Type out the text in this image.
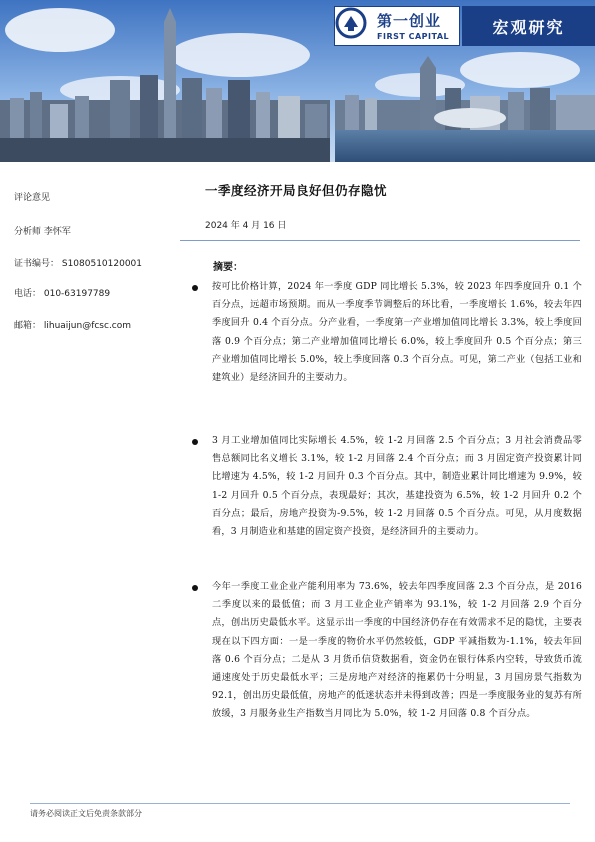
第一创业
FIRST CAPITAL	宏观研究
评论意见
分析师 李怀军
证书编号： S1080510120001
电话： 010-63197789
邮箱： lihuaijun@fcsc.com
一季度经济开局良好但仍存隐忧
2024 年 4 月 16 日
摘要：

按可比价格计算，2024 年一季度 GDP 同比增长 5.3%，较 2023 年四季度回升 0.1 个百分点，远超市场预期。而从一季度季节调整后的环比看，一季度增长 1.6%，较去年四季度回升 0.4 个百分点。分产业看，一季度第一产业增加值同比增长 3.3%，较上季度回落 0.9 个百分点；第二产业增加值同比增长 6.0%，较上季度回升 0.5 个百分点；第三产业增加值同比增长 5.0%，较上季度回落 0.3 个百分点。可见，第二产业（包括工业和建筑业）是经济回升的主要动力。

3 月工业增加值同比实际增长 4.5%，较 1-2 月回落 2.5 个百分点；3 月社会消费品零售总额同比名义增长 3.1%，较 1-2 月回落 2.4 个百分点；而 3 月固定资产投资累计同比增速为 4.5%，较 1-2 月回升 0.3 个百分点。其中，制造业累计同比增速为 9.9%，较 1-2 月回升 0.5 个百分点，表现最好；其次，基建投资为 6.5%，较 1-2 月回升 0.2 个百分点；最后，房地产投资为-9.5%，较 1-2 月回落 0.5 个百分点。可见，从月度数据看，3 月制造业和基建的固定资产投资，是经济回升的主要动力。

今年一季度工业企业产能利用率为 73.6%，较去年四季度回落 2.3 个百分点，是 2016 二季度以来的最低值；而 3 月工业企业产销率为 93.1%，较 1-2 月回落 2.9 个百分点，创出历史最低水平。这显示出一季度的中国经济仍存在有效需求不足的隐忧，主要表现在以下四方面：一是一季度的物价水平仍然较低，GDP 平减指数为-1.1%，较去年回落 0.6 个百分点；二是从 3 月货币信贷数据看，资金仍在银行体系内空转，导致货币流通速度处于历史最低水平；三是房地产对经济的拖累仍十分明显，3 月国房景气指数为 92.1，创出历史最低值，房地产的低迷状态并未得到改善；四是一季度服务业的复苏有所放缓，3 月服务业生产指数当月同比为 5.0%，较 1-2 月回落 0.8 个百分点。

请务必阅读正文后免责条款部分
